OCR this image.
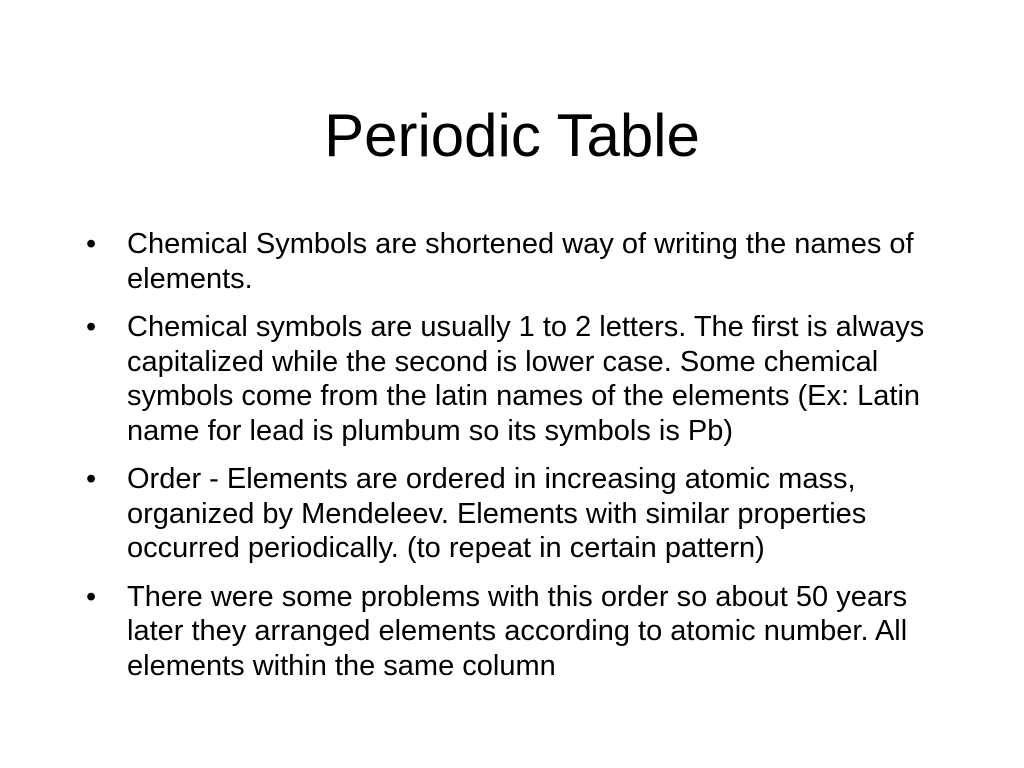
Periodic Table
•	Chemical Symbols are shortened way of writing the names of elements.
•	Chemical symbols are usually 1 to 2 letters. The first is always capitalized while the second is lower case. Some chemical symbols come from the latin names of the elements (Ex: Latin name for lead is plumbum so its symbols is Pb)
•	Order - Elements are ordered in increasing atomic mass, organized by Mendeleev. Elements with similar properties occurred periodically. (to repeat in certain pattern)
•	There were some problems with this order so about 50 years later they arranged elements according to atomic number. All elements within the same column
